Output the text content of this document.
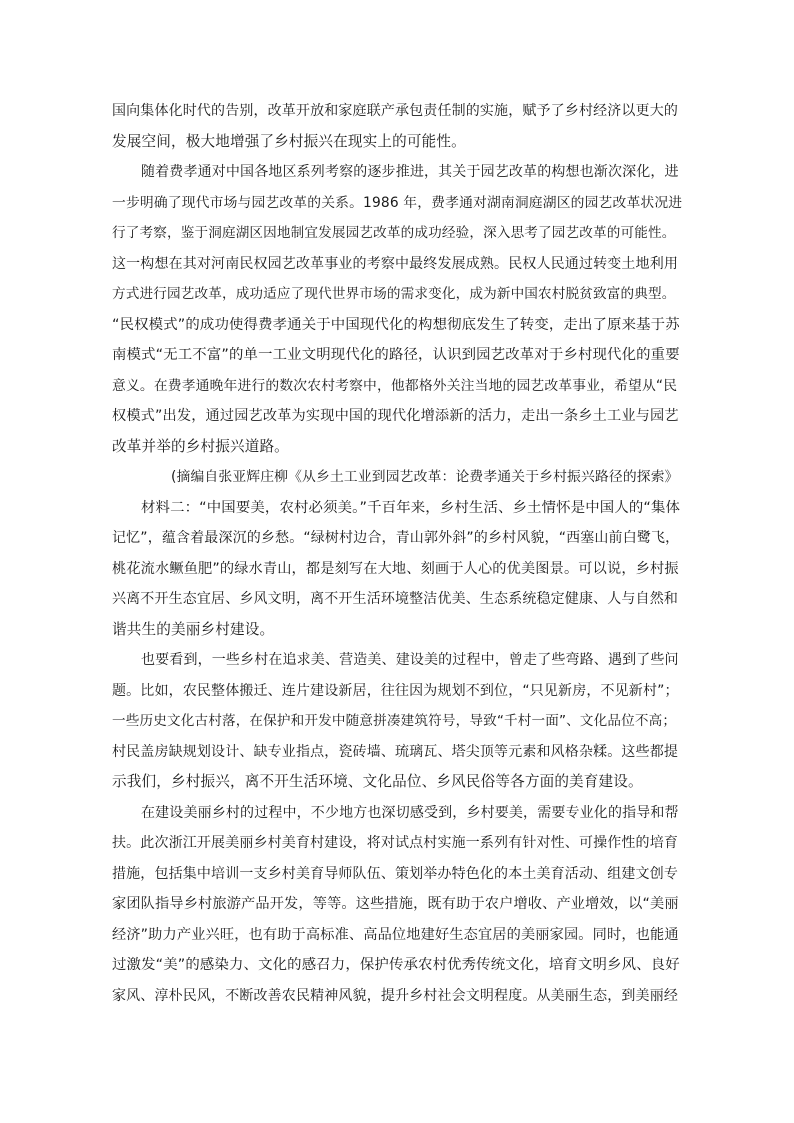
国向集体化时代的告别，改革开放和家庭联产承包责任制的实施，赋予了乡村经济以更大的
发展空间，极大地增强了乡村振兴在现实上的可能性。
随着费孝通对中国各地区系列考察的逐步推进，其关于园艺改革的构想也渐次深化，进
一步明确了现代市场与园艺改革的关系。1986 年，费孝通对湖南洞庭湖区的园艺改革状况进
行了考察，鉴于洞庭湖区因地制宜发展园艺改革的成功经验，深入思考了园艺改革的可能性。
这一构想在其对河南民权园艺改革事业的考察中最终发展成熟。民权人民通过转变土地利用
方式进行园艺改革，成功适应了现代世界市场的需求变化，成为新中国农村脱贫致富的典型。
“民权模式”的成功使得费孝通关于中国现代化的构想彻底发生了转变，走出了原来基于苏
南模式“无工不富”的单一工业文明现代化的路径，认识到园艺改革对于乡村现代化的重要
意义。在费孝通晚年进行的数次农村考察中，他都格外关注当地的园艺改革事业，希望从“民
权模式”出发，通过园艺改革为实现中国的现代化增添新的活力，走出一条乡土工业与园艺
改革并举的乡村振兴道路。
(摘编自张亚辉庄柳《从乡土工业到园艺改革：论费孝通关于乡村振兴路径的探索》
材料二：“中国要美，农村必须美。”千百年来，乡村生活、乡土情怀是中国人的“集体
记忆”，蕴含着最深沉的乡愁。“绿树村边合，青山郭外斜”的乡村风貌，“西塞山前白鹭飞，
桃花流水鳜鱼肥”的绿水青山，都是刻写在大地、刻画于人心的优美图景。可以说，乡村振
兴离不开生态宜居、乡风文明，离不开生活环境整洁优美、生态系统稳定健康、人与自然和
谐共生的美丽乡村建设。
也要看到，一些乡村在追求美、营造美、建设美的过程中，曾走了些弯路、遇到了些问
题。比如，农民整体搬迁、连片建设新居，往往因为规划不到位，“只见新房，不见新村”；
一些历史文化古村落，在保护和开发中随意拼凑建筑符号，导致“千村一面”、文化品位不高；
村民盖房缺规划设计、缺专业指点，瓷砖墙、琉璃瓦、塔尖顶等元素和风格杂糅。这些都提
示我们，乡村振兴，离不开生活环境、文化品位、乡风民俗等各方面的美育建设。
在建设美丽乡村的过程中，不少地方也深切感受到，乡村要美，需要专业化的指导和帮
扶。此次浙江开展美丽乡村美育村建设，将对试点村实施一系列有针对性、可操作性的培育
措施，包括集中培训一支乡村美育导师队伍、策划举办特色化的本土美育活动、组建文创专
家团队指导乡村旅游产品开发，等等。这些措施，既有助于农户增收、产业增效，以“美丽
经济”助力产业兴旺，也有助于高标准、高品位地建好生态宜居的美丽家园。同时，也能通
过激发“美”的感染力、文化的感召力，保护传承农村优秀传统文化，培育文明乡风、良好
家风、淳朴民风，不断改善农民精神风貌，提升乡村社会文明程度。从美丽生态，到美丽经
